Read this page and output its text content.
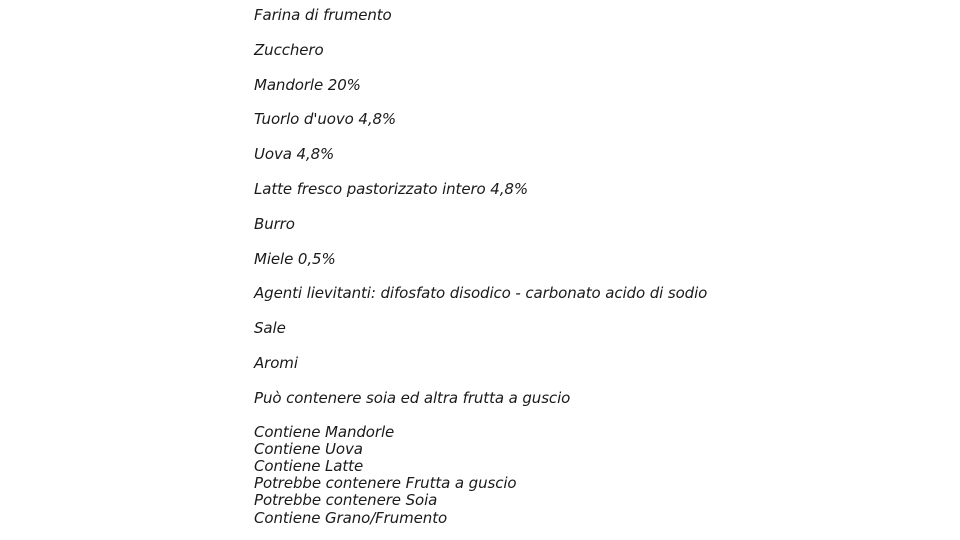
Farina di frumento
Zucchero
Mandorle 20%
Tuorlo d'uovo 4,8%
Uova 4,8%
Latte fresco pastorizzato intero 4,8%
Burro
Miele 0,5%
Agenti lievitanti: difosfato disodico - carbonato acido di sodio
Sale
Aromi
Può contenere soia ed altra frutta a guscio
Contiene Mandorle
Contiene Uova
Contiene Latte
Potrebbe contenere Frutta a guscio
Potrebbe contenere Soia
Contiene Grano/Frumento
